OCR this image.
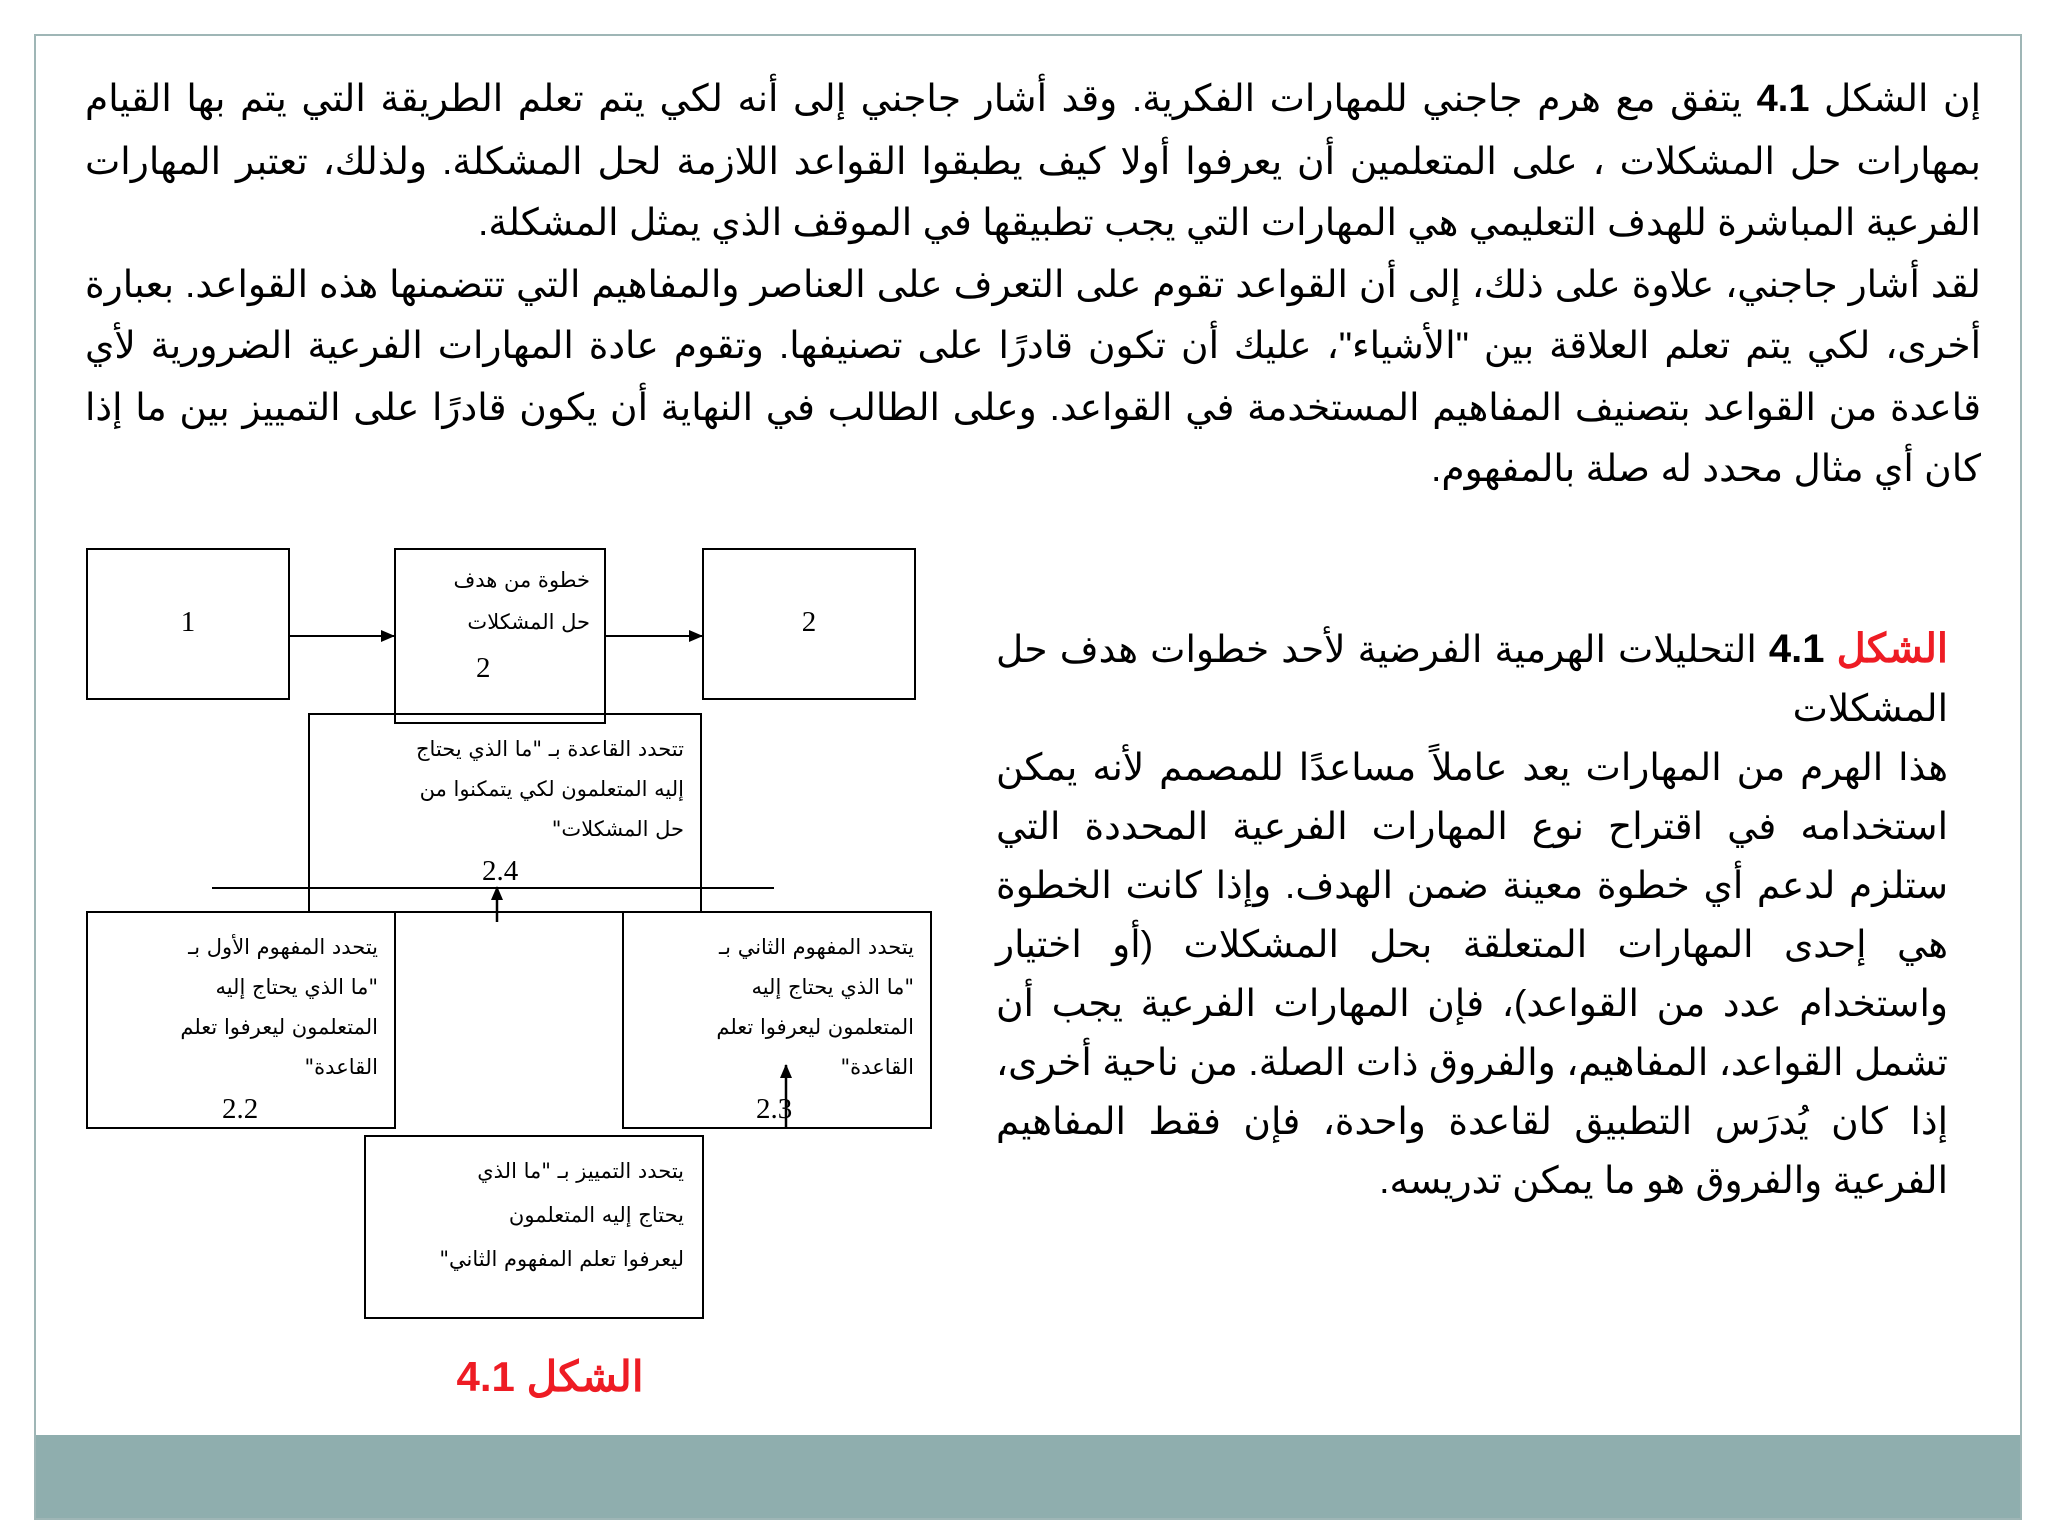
إن الشكل 4.1 يتفق مع هرم جاجني للمهارات الفكرية. وقد أشار جاجني إلى أنه لكي يتم تعلم الطريقة التي يتم بها القيام بمهارات حل المشكلات ، على المتعلمين أن يعرفوا أولا كيف يطبقوا القواعد اللازمة لحل المشكلة. ولذلك، تعتبر المهارات الفرعية المباشرة للهدف التعليمي هي المهارات التي يجب تطبيقها في الموقف الذي يمثل المشكلة.
لقد أشار جاجني، علاوة على ذلك، إلى أن القواعد تقوم على التعرف على العناصر والمفاهيم التي تتضمنها هذه القواعد. بعبارة أخرى، لكي يتم تعلم العلاقة بين "الأشياء"، عليك أن تكون قادرًا على تصنيفها. وتقوم عادة المهارات الفرعية الضرورية لأي قاعدة من القواعد بتصنيف المفاهيم المستخدمة في القواعد. وعلى الطالب في النهاية أن يكون قادرًا على التمييز بين ما إذا كان أي مثال محدد له صلة بالمفهوم.

1
خطوة من هدف
حل المشكلات
2
2
تتحدد القاعدة بـ "ما الذي يحتاج
إليه المتعلمون لكي يتمكنوا من
حل المشكلات"
2.4
يتحدد المفهوم الأول بـ
"ما الذي يحتاج إليه
المتعلمون ليعرفوا تعلم
القاعدة"
2.2
يتحدد المفهوم الثاني بـ
"ما الذي يحتاج إليه
المتعلمون ليعرفوا تعلم
القاعدة"
2.3
يتحدد التمييز بـ "ما الذي
يحتاج إليه المتعلمون
ليعرفوا تعلم المفهوم الثاني"

الشكل 4.1 التحليلات الهرمية الفرضية لأحد خطوات هدف حل المشكلات
هذا الهرم من المهارات يعد عاملاً مساعدًا للمصمم لأنه يمكن استخدامه في اقتراح نوع المهارات الفرعية المحددة التي ستلزم لدعم أي خطوة معينة ضمن الهدف. وإذا كانت الخطوة هي إحدى المهارات المتعلقة بحل المشكلات (أو اختيار واستخدام عدد من القواعد)، فإن المهارات الفرعية يجب أن تشمل القواعد، المفاهيم، والفروق ذات الصلة. من ناحية أخرى، إذا كان يُدرَس التطبيق لقاعدة واحدة، فإن فقط المفاهيم الفرعية والفروق هو ما يمكن تدريسه.

الشكل 4.1
